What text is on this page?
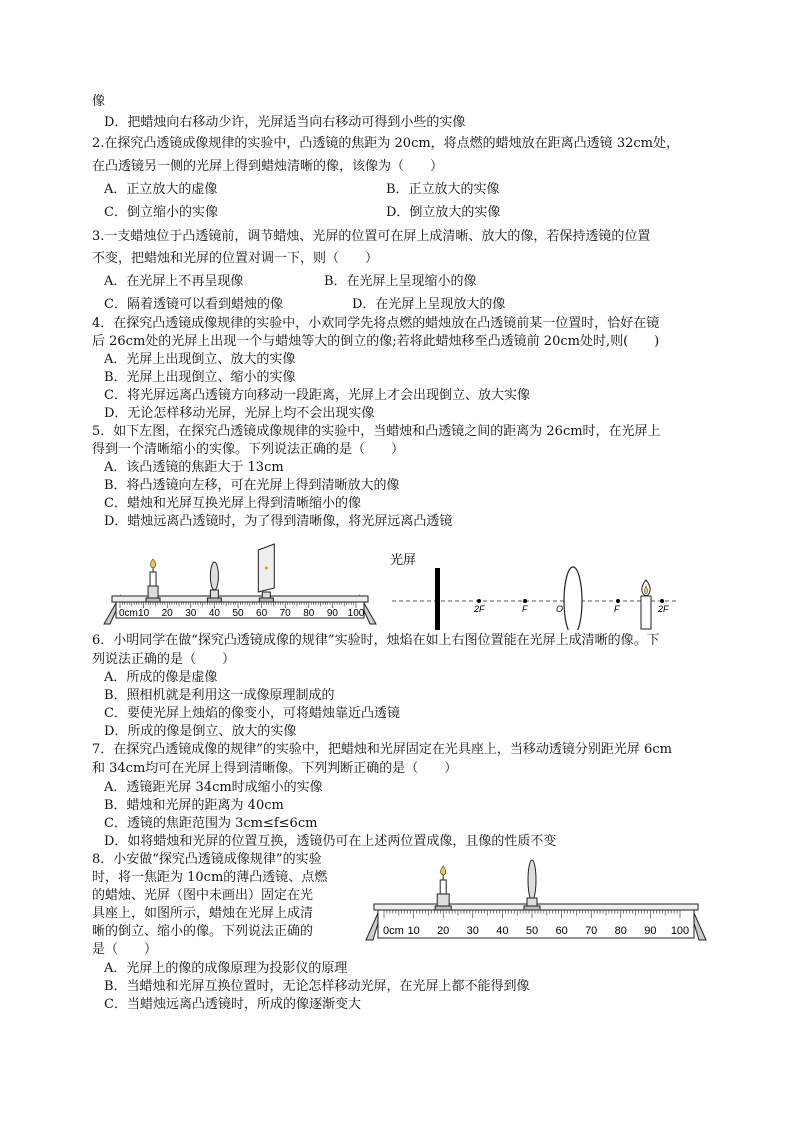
像
D．把蜡烛向右移动少许，光屏适当向右移动可得到小些的实像
2.在探究凸透镜成像规律的实验中，凸透镜的焦距为 20cm，将点燃的蜡烛放在距离凸透镜 32cm处，
在凸透镜另一侧的光屏上得到蜡烛清晰的像，该像为（　　）
A．正立放大的虚像	B．正立放大的实像
C．倒立缩小的实像	D．倒立放大的实像
3.一支蜡烛位于凸透镜前，调节蜡烛、光屏的位置可在屏上成清晰、放大的像，若保持透镜的位置
不变，把蜡烛和光屏的位置对调一下，则（　　）
A．在光屏上不再呈现像	B．在光屏上呈现缩小的像
C．隔着透镜可以看到蜡烛的像	D．在光屏上呈现放大的像
4．在探究凸透镜成像规律的实验中，小欢同学先将点燃的蜡烛放在凸透镜前某一位置时，恰好在镜
后 26cm处的光屏上出现一个与蜡烛等大的倒立的像;若将此蜡烛移至凸透镜前 20cm处时,则(　　)
A．光屏上出现倒立、放大的实像
B．光屏上出现倒立、缩小的实像
C．将光屏远离凸透镜方向移动一段距离，光屏上才会出现倒立、放大实像
D．无论怎样移动光屏，光屏上均不会出现实像
5．如下左图，在探究凸透镜成像规律的实验中，当蜡烛和凸透镜之间的距离为 26cm时，在光屏上
得到一个清晰缩小的实像。下列说法正确的是（　　）
A．该凸透镜的焦距大于 13cm
B．将凸透镜向左移，可在光屏上得到清晰放大的像
C．蜡烛和光屏互换光屏上得到清晰缩小的像
D．蜡烛远离凸透镜时，为了得到清晰像，将光屏远离凸透镜
0cm 10 20 30 40 50 60 70 80 90 100
光屏
2F	F	O	F	2F
6．小明同学在做“探究凸透镜成像的规律”实验时，烛焰在如上右图位置能在光屏上成清晰的像。下
列说法正确的是（　　）
A．所成的像是虚像
B．照相机就是利用这一成像原理制成的
C．要使光屏上烛焰的像变小，可将蜡烛靠近凸透镜
D．所成的像是倒立、放大的实像
7．在探究凸透镜成像的规律”的实验中，把蜡烛和光屏固定在光具座上，当移动透镜分别距光屏 6cm
和 34cm均可在光屏上得到清晰像。下列判断正确的是（　　）
A．透镜距光屏 34cm时成缩小的实像
B．蜡烛和光屏的距离为 40cm
C．透镜的焦距范围为 3cm≤f≤6cm
D．如将蜡烛和光屏的位置互换，透镜仍可在上述两位置成像，且像的性质不变
8．小安做“探究凸透镜成像规律”的实验
时，将一焦距为 10cm的薄凸透镜、点燃
的蜡烛、光屏（图中未画出）固定在光
具座上，如图所示，蜡烛在光屏上成清
晰的倒立、缩小的像。下列说法正确的
是（　　）
0cm 10 20 30 40 50 60 70 80 90 100
A．光屏上的像的成像原理为投影仪的原理
B．当蜡烛和光屏互换位置时，无论怎样移动光屏，在光屏上都不能得到像
C．当蜡烛远离凸透镜时，所成的像逐渐变大
